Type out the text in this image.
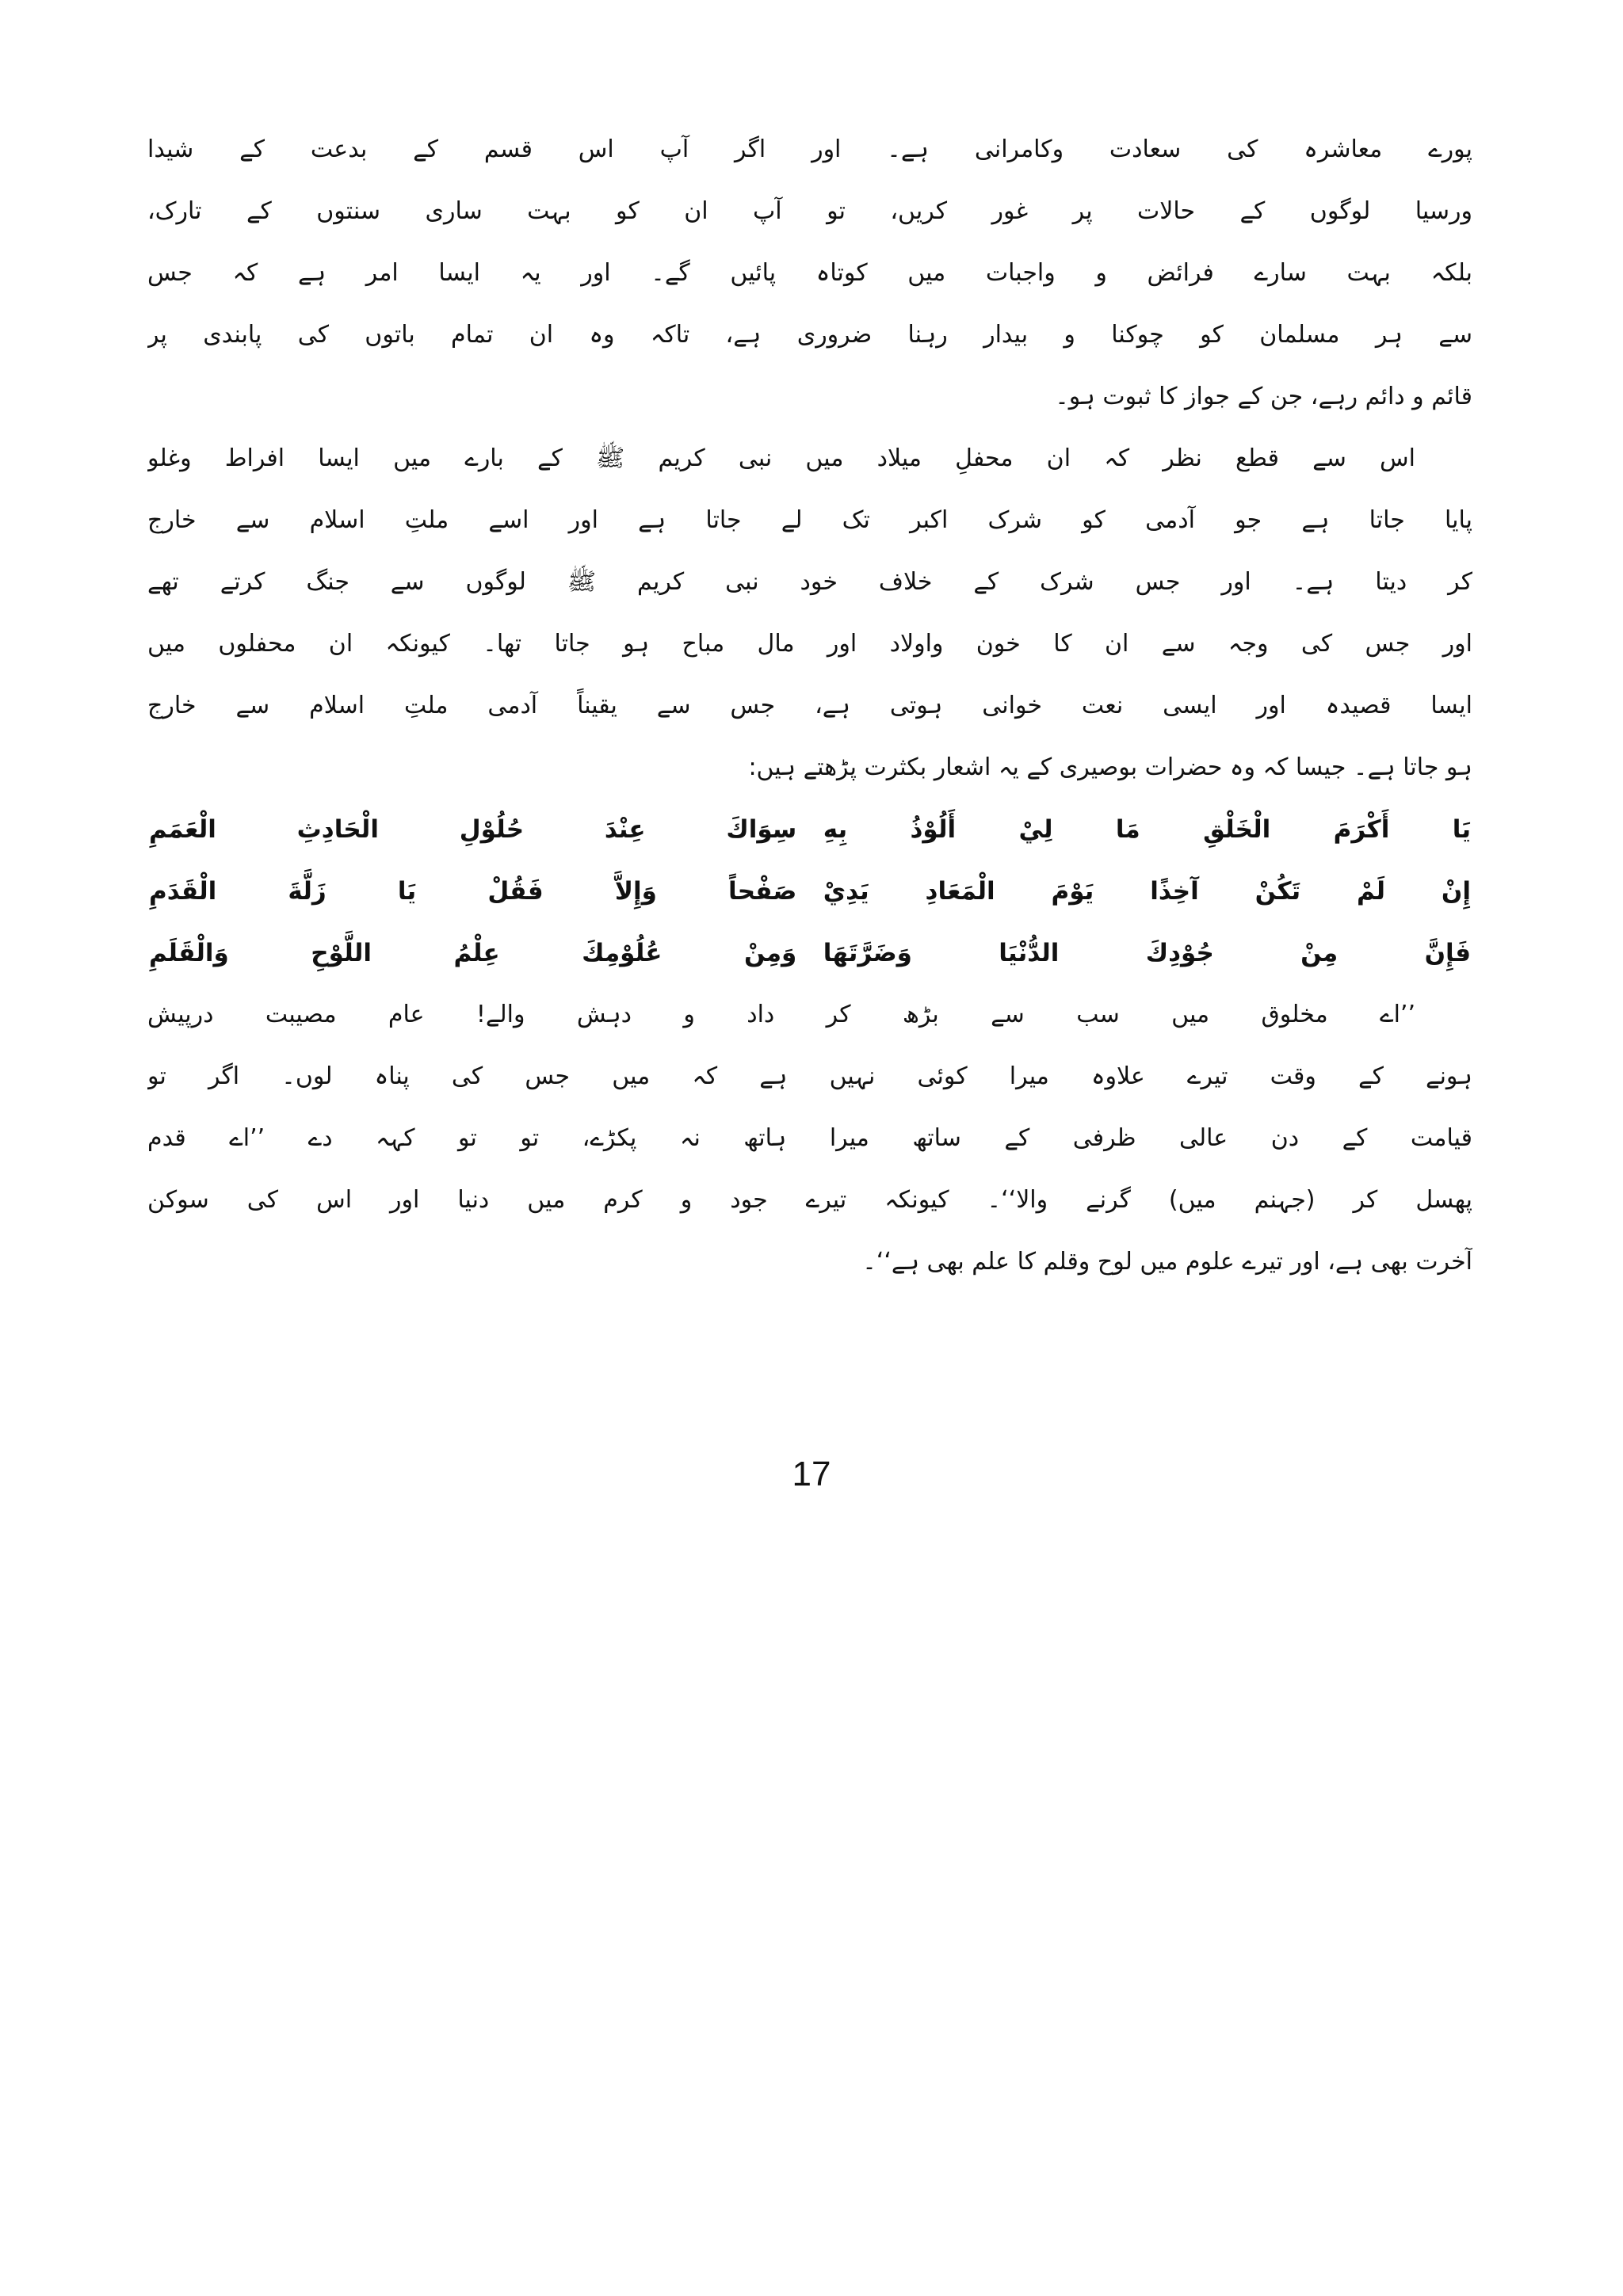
پورے معاشرہ کی سعادت وکامرانی ہے۔ اور اگر آپ اس قسم کے بدعت کے شیدا
ورسیا لوگوں کے حالات پر غور کریں، تو آپ ان کو بہت ساری سنتوں کے تارک،
بلکہ بہت سارے فرائض و واجبات میں کوتاہ پائیں گے۔ اور یہ ایسا امر ہے کہ جس
سے ہر مسلمان کو چوکنا و بیدار رہنا ضروری ہے، تاکہ وہ ان تمام باتوں کی پابندی پر
قائم و دائم رہے، جن کے جواز کا ثبوت ہو۔
اس سے قطع نظر کہ ان محفلِ میلاد میں نبی کریم ﷺ کے بارے میں ایسا افراط وغلو
پایا جاتا ہے جو آدمی کو شرک اکبر تک لے جاتا ہے اور اسے ملتِ اسلام سے خارج
کر دیتا ہے۔ اور جس شرک کے خلاف خود نبی کریم ﷺ لوگوں سے جنگ کرتے تھے
اور جس کی وجہ سے ان کا خون واولاد اور مال مباح ہو جاتا تھا۔ کیونکہ ان محفلوں میں
ایسا قصیدہ اور ایسی نعت خوانی ہوتی ہے، جس سے یقیناً آدمی ملتِ اسلام سے خارج
ہو جاتا ہے۔ جیسا کہ وہ حضرات بوصیری کے یہ اشعار بکثرت پڑھتے ہیں:
يَا أَكْرَمَ الْخَلْقِ مَا لِيْ أَلُوْذُ بِهِ
سِوَاكَ عِنْدَ حُلُوْلِ الْحَادِثِ الْعَمَمِ
إِنْ لَمْ تَكُنْ آخِذًا يَوْمَ الْمَعَادِ يَدِيْ
صَفْحاً وَإِلاَّ فَقُلْ يَا زَلَّةَ الْقَدَمِ
فَإِنَّ مِنْ جُوْدِكَ الدُّنْيَا وَضَرَّتَهَا
وَمِنْ عُلُوْمِكَ عِلْمُ اللَّوْحِ وَالْقَلَمِ
’’اے مخلوق میں سب سے بڑھ کر داد و دہش والے! عام مصیبت درپیش
ہونے کے وقت تیرے علاوہ میرا کوئی نہیں ہے کہ میں جس کی پناہ لوں۔ اگر تو
قیامت کے دن عالی ظرفی کے ساتھ میرا ہاتھ نہ پکڑے، تو تو کہہ دے ’’اے قدم
پھسل کر (جہنم میں) گرنے والا‘‘۔ کیونکہ تیرے جود و کرم میں دنیا اور اس کی سوکن
آخرت بھی ہے، اور تیرے علوم میں لوح وقلم کا علم بھی ہے‘‘۔
17
